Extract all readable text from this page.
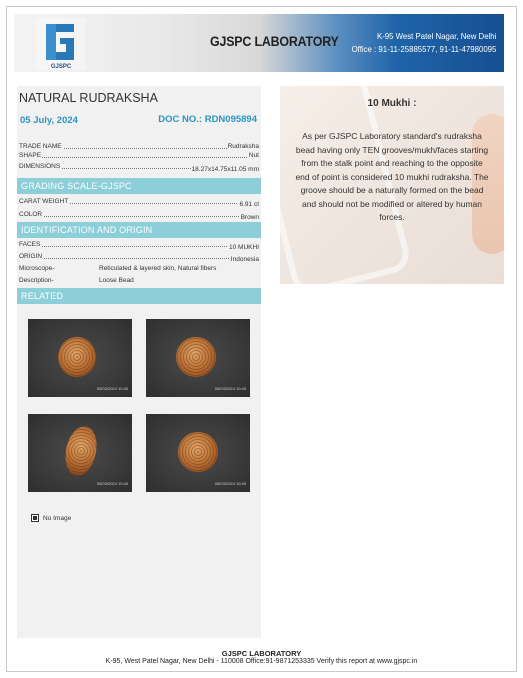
GJSPC
GJSPC LABORATORY	K-95 West Patel Nagar, New Delhi
Office : 91-11-25885577, 91-11-47980095
NATURAL RUDRAKSHA
05 July, 2024	DOC NO.: RDN095894
TRADE NAME	Rudraksha
SHAPE	Nut
DIMENSIONS	18.27x14.75x11.05 mm
GRADING SCALE-GJSPC
CARAT WEIGHT	6.91 ct
COLOR	Brown
IDENTIFICATION AND ORIGIN
FACES	10 MUKHI
ORIGIN	Indonesia
Microscope-	Reticulated & layered skin, Natural fibers
Description-	Loose Bead
RELATED
05/03/2024 10:45	05/03/2024 10:45
05/03/2024 10:45	05/03/2024 10:45
No Image
10 Mukhi :
As per GJSPC Laboratory standard's rudraksha bead having only TEN grooves/mukh/faces starting from the stalk point and reaching to the opposite end of point is considered 10 mukhi rudraksha. The groove should be a naturally formed on the bead and should not be modified or altered by human forces.
GJSPC LABORATORY
K-95, West Patel Nagar, New Delhi - 110008 Office:91-9871253335 Verify this report at www.gjspc.in
